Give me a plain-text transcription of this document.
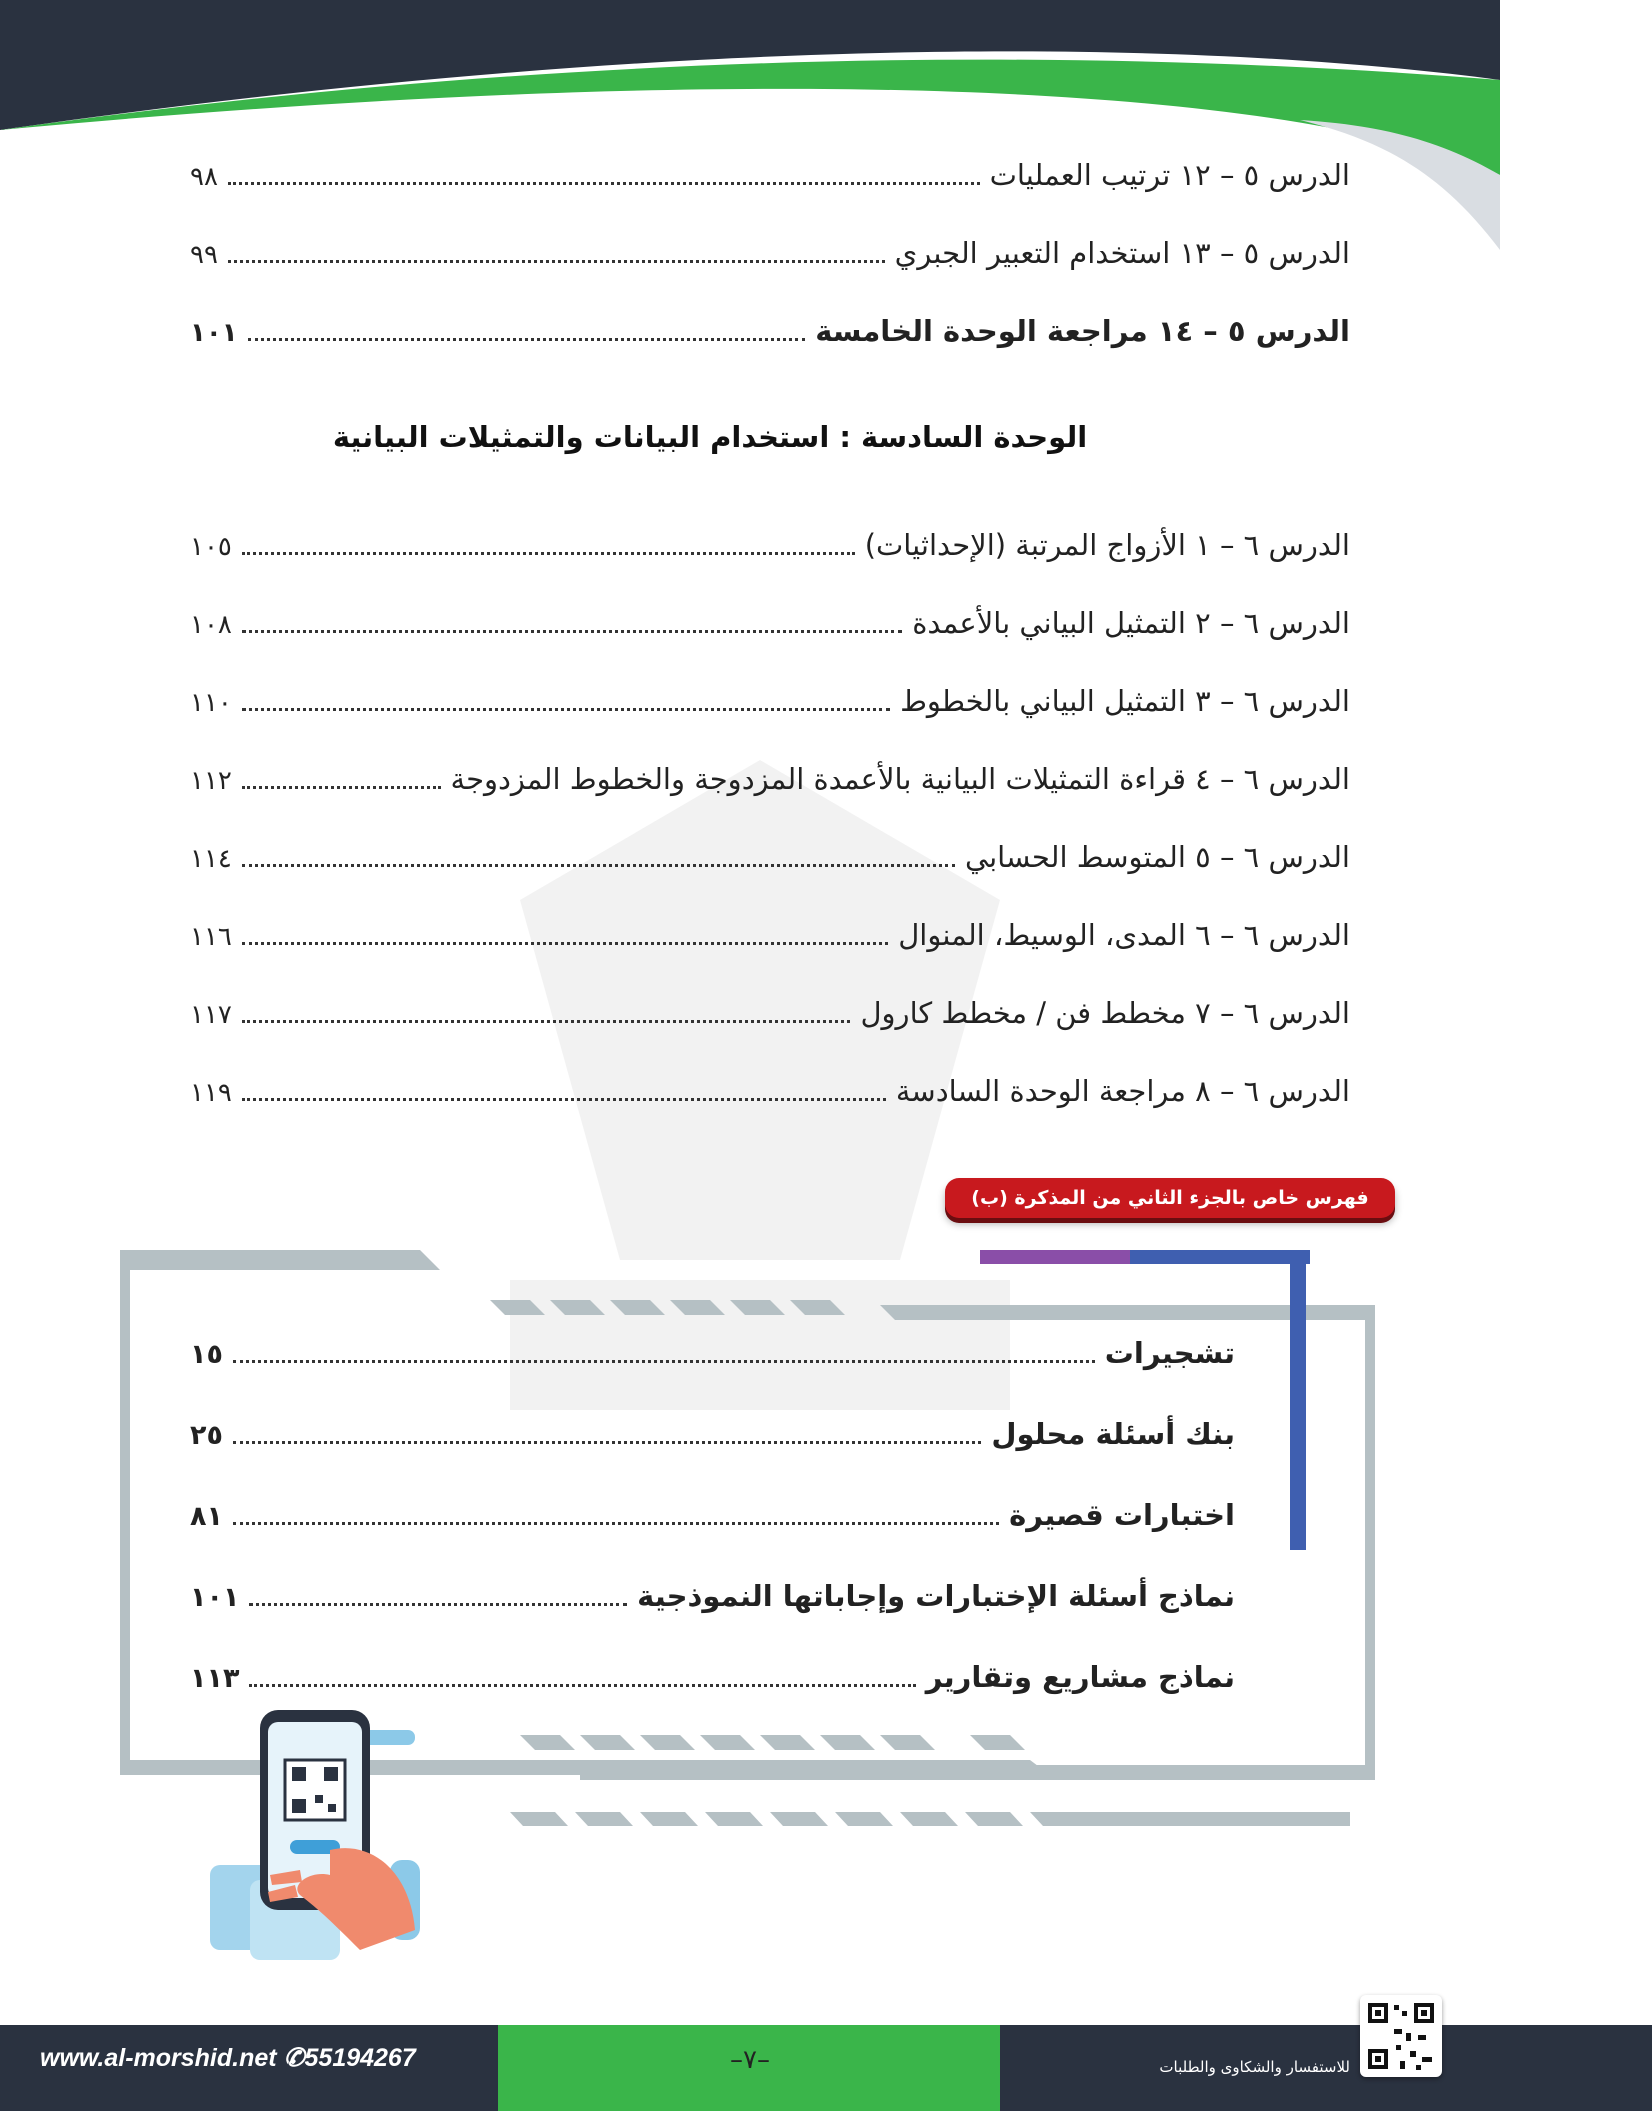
٩٨	الدرس ٥ – ١٢ ترتيب العمليات
٩٩	الدرس ٥ – ١٣ استخدام التعبير الجبري
١٠١	الدرس ٥ – ١٤ مراجعة الوحدة الخامسة
الوحدة السادسة : استخدام البيانات والتمثيلات البيانية
١٠٥	الدرس ٦ – ١ الأزواج المرتبة (الإحداثيات)
١٠٨	الدرس ٦ – ٢ التمثيل البياني بالأعمدة
١١٠	الدرس ٦ – ٣ التمثيل البياني بالخطوط
١١٢	الدرس ٦ – ٤ قراءة التمثيلات البيانية بالأعمدة المزدوجة والخطوط المزدوجة
١١٤	الدرس ٦ – ٥ المتوسط الحسابي
١١٦	الدرس ٦ – ٦ المدى، الوسيط، المنوال
١١٧	الدرس ٦ – ٧ مخطط فن / مخطط كارول
١١٩	الدرس ٦ – ٨ مراجعة الوحدة السادسة
فهرس خاص بالجزء الثاني من المذكرة (ب)
١٥	تشجيرات
٢٥	بنك أسئلة محلول
٨١	اختبارات قصيرة
١٠١	نماذج أسئلة الإختبارات وإجاباتها النموذجية
١١٣	نماذج مشاريع وتقارير
www.al-morshid.net ✆55194267	–٧–	للاستفسار والشكاوى والطلبات
